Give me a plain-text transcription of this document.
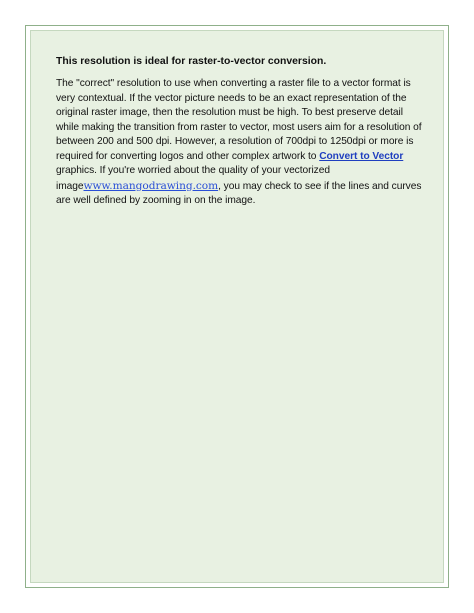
This resolution is ideal for raster-to-vector conversion.

The "correct" resolution to use when converting a raster file to a vector format is very contextual. If the vector picture needs to be an exact representation of the original raster image, then the resolution must be high. To best preserve detail while making the transition from raster to vector, most users aim for a resolution of between 200 and 500 dpi. However, a resolution of 700dpi to 1250dpi or more is required for converting logos and other complex artwork to Convert to Vector graphics. If you're worried about the quality of your vectorized imagewww.mangodrawing.com, you may check to see if the lines and curves are well defined by zooming in on the image.
